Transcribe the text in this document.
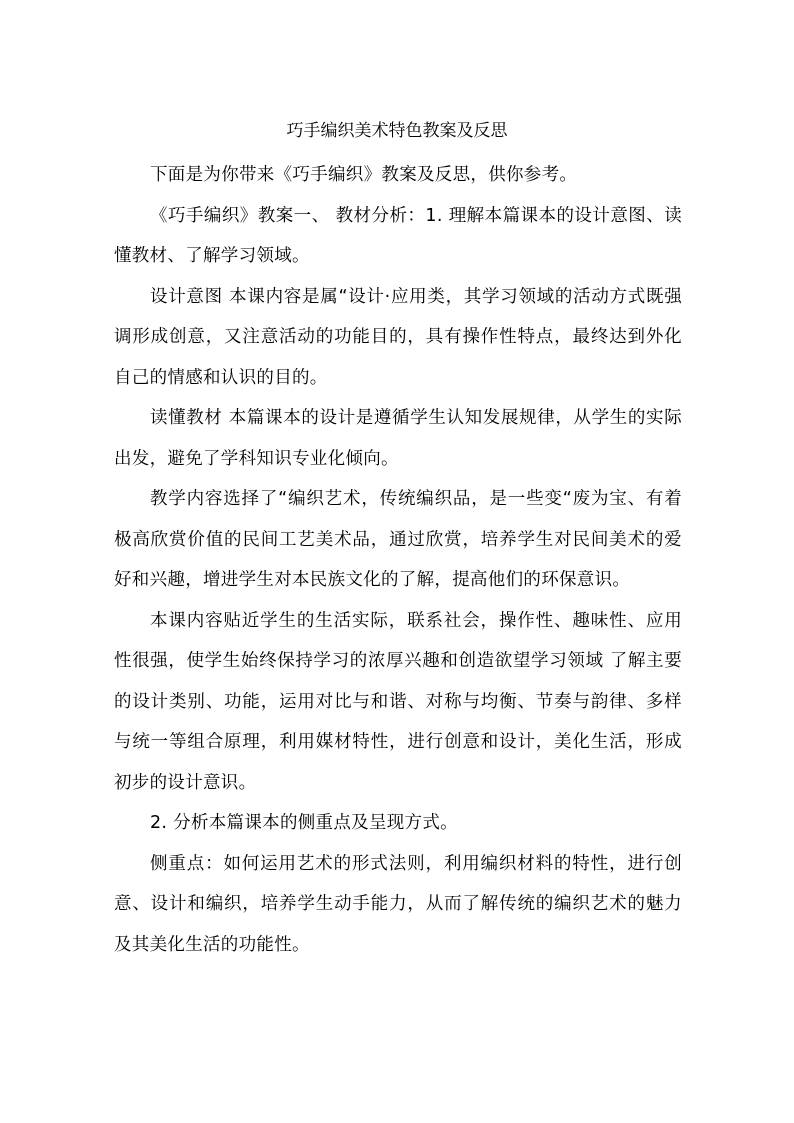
巧手编织美术特色教案及反思

下面是为你带来《巧手编织》教案及反思，供你参考。

《巧手编织》教案一、 教材分析：1. 理解本篇课本的设计意图、读懂教材、了解学习领域。

设计意图 本课内容是属“设计·应用类，其学习领域的活动方式既强调形成创意，又注意活动的功能目的，具有操作性特点，最终达到外化自己的情感和认识的目的。

读懂教材 本篇课本的设计是遵循学生认知发展规律，从学生的实际出发，避免了学科知识专业化倾向。

教学内容选择了“编织艺术，传统编织品，是一些变“废为宝、有着极高欣赏价值的民间工艺美术品，通过欣赏，培养学生对民间美术的爱好和兴趣，增进学生对本民族文化的了解，提高他们的环保意识。

本课内容贴近学生的生活实际，联系社会，操作性、趣味性、应用性很强，使学生始终保持学习的浓厚兴趣和创造欲望学习领域 了解主要的设计类别、功能，运用对比与和谐、对称与均衡、节奏与韵律、多样与统一等组合原理，利用媒材特性，进行创意和设计，美化生活，形成初步的设计意识。

2. 分析本篇课本的侧重点及呈现方式。

侧重点：如何运用艺术的形式法则，利用编织材料的特性，进行创意、设计和编织，培养学生动手能力，从而了解传统的编织艺术的魅力及其美化生活的功能性。
